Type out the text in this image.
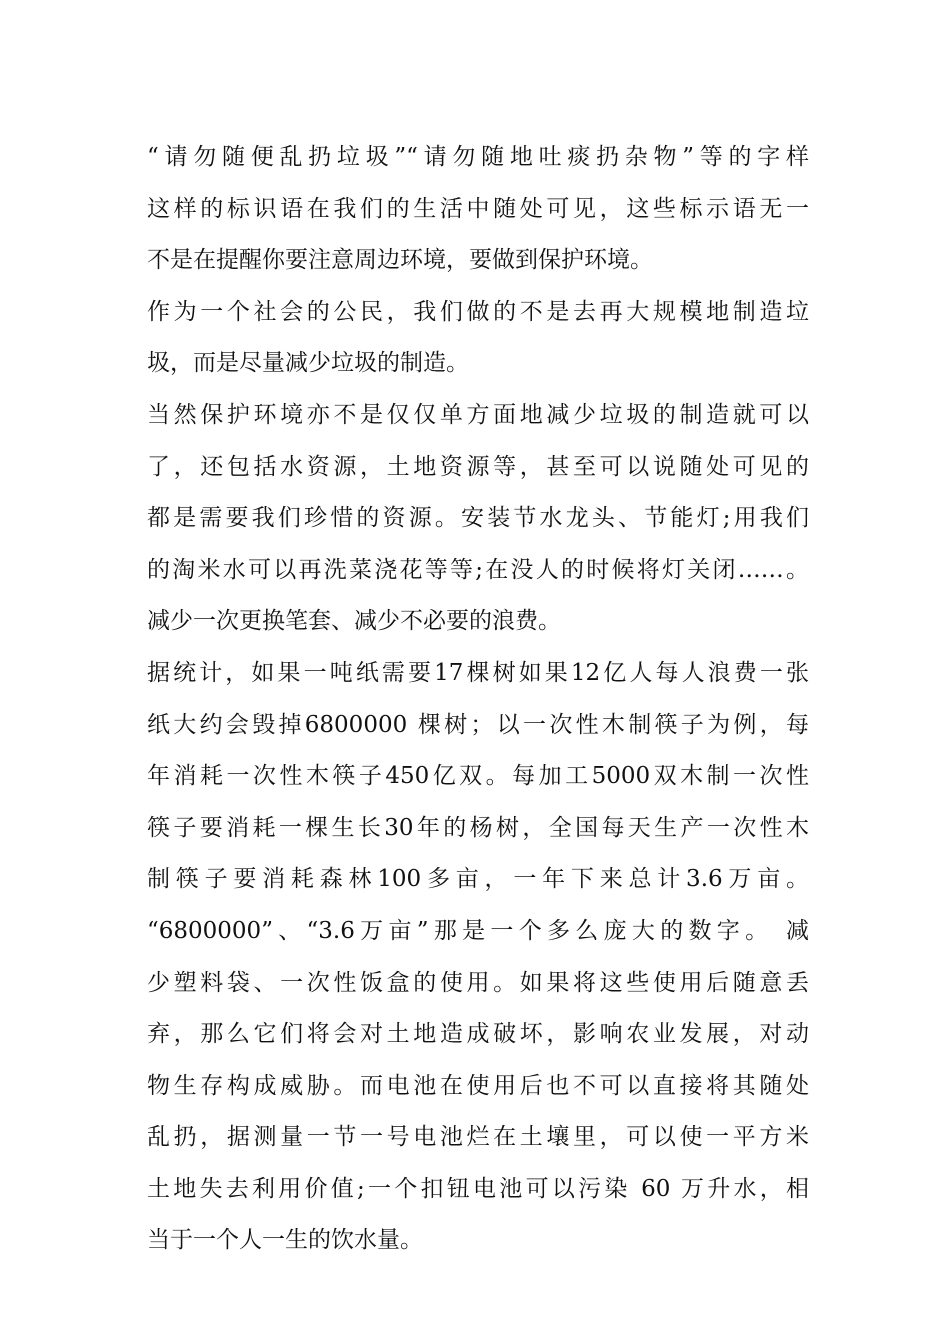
“请勿随便乱扔垃圾”“请勿随地吐痰扔杂物”等的字样
这样的标识语在我们的生活中随处可见，这些标示语无一
不是在提醒你要注意周边环境，要做到保护环境。
作为一个社会的公民，我们做的不是去再大规模地制造垃
圾，而是尽量减少垃圾的制造。
当然保护环境亦不是仅仅单方面地减少垃圾的制造就可以
了，还包括水资源，土地资源等，甚至可以说随处可见的
都是需要我们珍惜的资源。安装节水龙头、节能灯;用我们
的淘米水可以再洗菜浇花等等;在没人的时候将灯关闭……。
减少一次更换笔套、减少不必要的浪费。
据统计，如果一吨纸需要17棵树如果12亿人每人浪费一张
纸大约会毁掉6800000 棵树；以一次性木制筷子为例，每
年消耗一次性木筷子450亿双。每加工5000双木制一次性
筷子要消耗一棵生长30年的杨树，全国每天生产一次性木
制筷子要消耗森林100多亩，一年下来总计3.6万亩。
“6800000”、“3.6万亩”那是一个多么庞大的数字。 减
少塑料袋、一次性饭盒的使用。如果将这些使用后随意丢
弃，那么它们将会对土地造成破坏，影响农业发展，对动
物生存构成威胁。而电池在使用后也不可以直接将其随处
乱扔，据测量一节一号电池烂在土壤里，可以使一平方米
土地失去利用价值;一个扣钮电池可以污染 60 万升水，相
当于一个人一生的饮水量。
